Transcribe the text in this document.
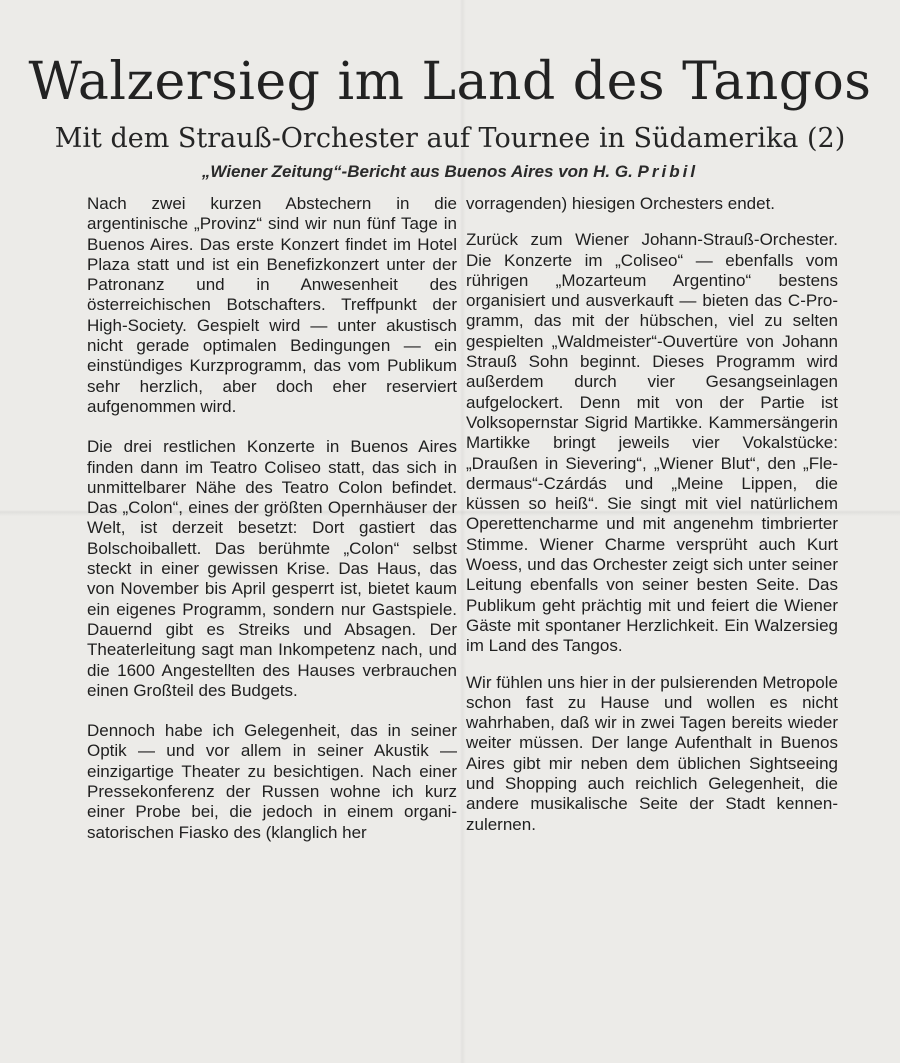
Walzersieg im Land des Tangos
Mit dem Strauß-Orchester auf Tournee in Südamerika (2)
„Wiener Zeitung“-Bericht aus Buenos Aires von H. G. Pribil

Nach zwei kurzen Abstechern in die argentinische „Provinz“ sind wir nun fünf Tage in Buenos Aires. Das erste Konzert findet im Hotel Plaza statt und ist ein Benefizkonzert unter der Patronanz und in Anwesenheit des österreichischen Botschafters. Treffpunkt der High-Society. Gespielt wird — unter akustisch nicht gerade optimalen Bedingungen — ein einstündiges Kurzprogramm, das vom Publikum sehr herzlich, aber doch eher reserviert aufgenommen wird.

Die drei restlichen Konzerte in Buenos Aires finden dann im Teatro Coliseo statt, das sich in unmittelbarer Nähe des Teatro Colon befindet. Das „Colon“, eines der größten Opernhäuser der Welt, ist derzeit besetzt: Dort gastiert das Bolschoiballett. Das berühmte „Colon“ selbst steckt in einer gewissen Krise. Das Haus, das von November bis April gesperrt ist, bietet kaum ein eigenes Programm, sondern nur Gastspiele. Dauernd gibt es Streiks und Absagen. Der Theaterleitung sagt man Inkompetenz nach, und die 1600 Angestellten des Hauses verbrauchen einen Großteil des Budgets.

Dennoch habe ich Gelegenheit, das in seiner Optik — und vor allem in seiner Akustik — einzigartige Theater zu besichtigen. Nach einer Pressekonferenz der Russen wohne ich kurz einer Probe bei, die jedoch in einem organisatorischen Fiasko des (klanglich her

vorragenden) hiesigen Orchesters endet.

Zurück zum Wiener Johann-Strauß-Orchester. Die Konzerte im „Coliseo“ — ebenfalls vom rührigen „Mozarteum Argentino“ bestens organisiert und ausverkauft — bieten das C-Programm, das mit der hübschen, viel zu selten gespielten „Waldmeister“-Ouvertüre von Johann Strauß Sohn beginnt. Dieses Programm wird außerdem durch vier Gesangseinlagen aufgelockert. Denn mit von der Partie ist Volksopernstar Sigrid Martikke. Kammersängerin Martikke bringt jeweils vier Vokalstücke: „Draußen in Sievering“, „Wiener Blut“, den „Fledermaus“-Czárdás und „Meine Lippen, die küssen so heiß“. Sie singt mit viel natürlichem Operettencharme und mit angenehm timbrierter Stimme. Wiener Charme versprüht auch Kurt Woess, und das Orchester zeigt sich unter seiner Leitung ebenfalls von seiner besten Seite. Das Publikum geht prächtig mit und feiert die Wiener Gäste mit spontaner Herzlichkeit. Ein Walzersieg im Land des Tangos.

Wir fühlen uns hier in der pulsierenden Metropole schon fast zu Hause und wollen es nicht wahrhaben, daß wir in zwei Tagen bereits wieder weiter müssen. Der lange Aufenthalt in Buenos Aires gibt mir neben dem üblichen Sightseeing und Shopping auch reichlich Gelegenheit, die andere musikalische Seite der Stadt kennenzulernen.
